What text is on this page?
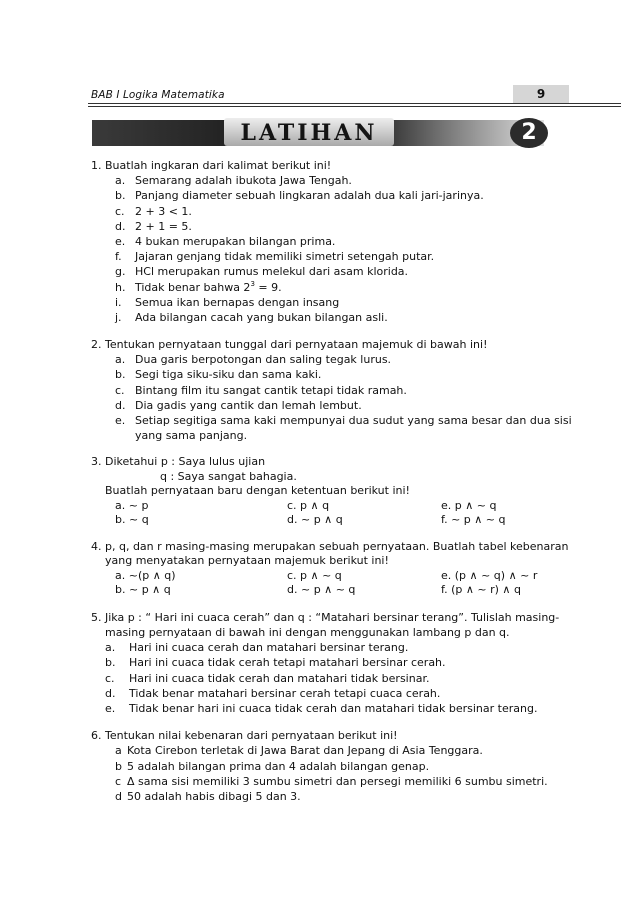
BAB I Logika Matematika	9
LATIHAN	2
1. Buatlah ingkaran dari kalimat berikut ini!
a. Semarang adalah ibukota Jawa Tengah.
b. Panjang diameter sebuah lingkaran adalah dua kali jari-jarinya.
c. 2 + 3 < 1.
d. 2 + 1 = 5.
e. 4 bukan merupakan bilangan prima.
f. Jajaran genjang tidak memiliki simetri setengah putar.
g. HCl merupakan rumus melekul dari asam klorida.
h. Tidak benar bahwa $2^3 = 9$.
i. Semua ikan bernapas dengan insang
j. Ada bilangan cacah yang bukan bilangan asli.
2. Tentukan pernyataan tunggal dari pernyataan majemuk di bawah ini!
a. Dua garis berpotongan dan saling tegak lurus.
b. Segi tiga siku-siku dan sama kaki.
c. Bintang film itu sangat cantik tetapi tidak ramah.
d. Dia gadis yang cantik dan lemah lembut.
e. Setiap segitiga sama kaki mempunyai dua sudut yang sama besar dan dua sisi yang sama panjang.
3. Diketahui p : Saya lulus ujian
q : Saya sangat bahagia.
Buatlah pernyataan baru dengan ketentuan berikut ini!
a. ~ p	c. p ∧ q	e. p ∧ ~ q
b. ~ q	d. ~ p ∧ q	f. ~ p ∧ ~ q
4. p, q, dan r masing-masing merupakan sebuah pernyataan. Buatlah tabel kebenaran
yang menyatakan pernyataan majemuk berikut ini!
a. ~(p ∧ q)	c. p ∧ ~ q	e. (p ∧ ~ q) ∧ ~ r
b. ~ p ∧ q	d. ~ p ∧ ~ q	f. (p ∧ ~ r) ∧ q
5. Jika p : “ Hari ini cuaca cerah” dan q : “Matahari bersinar terang”. Tulislah masing-
masing pernyataan di bawah ini dengan menggunakan lambang p dan q.
a. Hari ini cuaca cerah dan matahari bersinar terang.
b. Hari ini cuaca tidak cerah tetapi matahari bersinar cerah.
c. Hari ini cuaca tidak cerah dan matahari tidak bersinar.
d. Tidak benar matahari bersinar cerah tetapi cuaca cerah.
e. Tidak benar hari ini cuaca tidak cerah dan matahari tidak bersinar terang.
6. Tentukan nilai kebenaran dari pernyataan berikut ini!
a Kota Cirebon terletak di Jawa Barat dan Jepang di Asia Tenggara.
b 5 adalah bilangan prima dan 4 adalah bilangan genap.
c Δ sama sisi memiliki 3 sumbu simetri dan persegi memiliki 6 sumbu simetri.
d 50 adalah habis dibagi 5 dan 3.
